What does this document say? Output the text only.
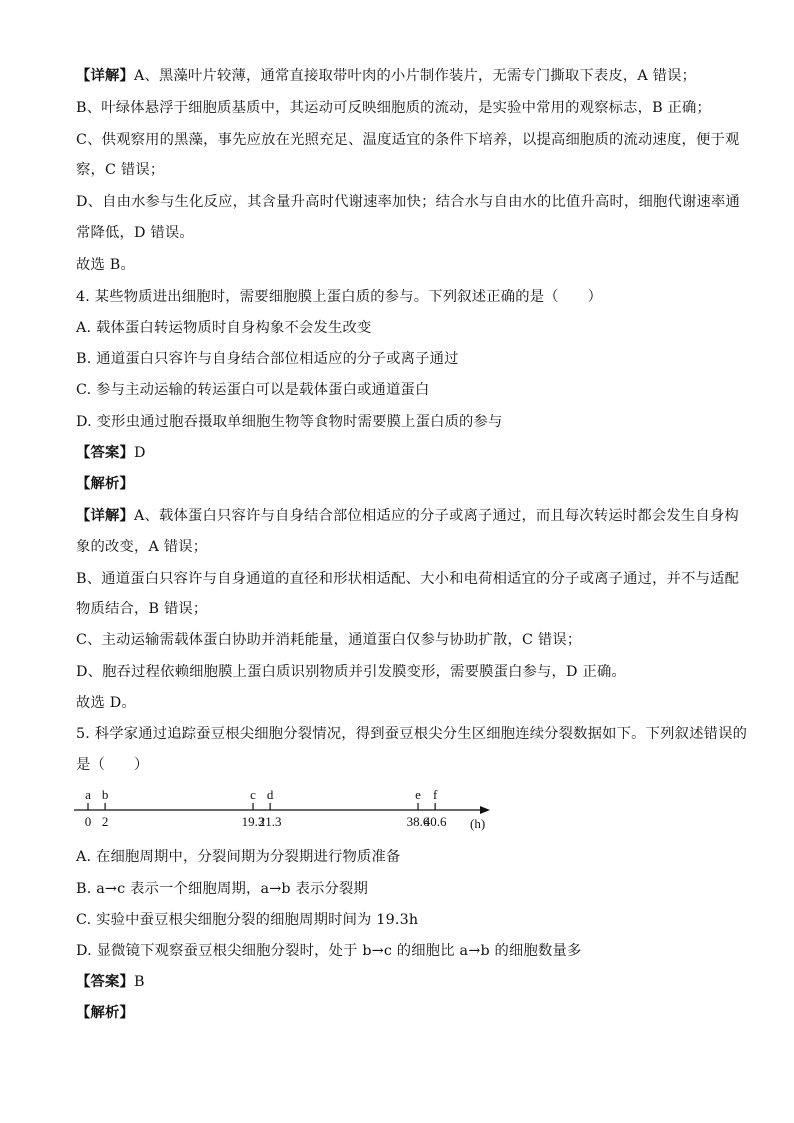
【详解】A、黑藻叶片较薄，通常直接取带叶肉的小片制作装片，无需专门撕取下表皮，A 错误；
B、叶绿体悬浮于细胞质基质中，其运动可反映细胞质的流动，是实验中常用的观察标志，B 正确；
C、供观察用的黑藻，事先应放在光照充足、温度适宜的条件下培养，以提高细胞质的流动速度，便于观
察，C 错误；
D、自由水参与生化反应，其含量升高时代谢速率加快；结合水与自由水的比值升高时，细胞代谢速率通
常降低，D 错误。
故选 B。
4. 某些物质进出细胞时，需要细胞膜上蛋白质的参与。下列叙述正确的是（　　）
A. 载体蛋白转运物质时自身构象不会发生改变
B. 通道蛋白只容许与自身结合部位相适应的分子或离子通过
C. 参与主动运输的转运蛋白可以是载体蛋白或通道蛋白
D. 变形虫通过胞吞摄取单细胞生物等食物时需要膜上蛋白质的参与
【答案】D
【解析】
【详解】A、载体蛋白只容许与自身结合部位相适应的分子或离子通过，而且每次转运时都会发生自身构
象的改变，A 错误；
B、通道蛋白只容许与自身通道的直径和形状相适配、大小和电荷相适宜的分子或离子通过，并不与适配
物质结合，B 错误；
C、主动运输需载体蛋白协助并消耗能量，通道蛋白仅参与协助扩散，C 错误；
D、胞吞过程依赖细胞膜上蛋白质识别物质并引发膜变形，需要膜蛋白参与，D 正确。
故选 D。
5. 科学家通过追踪蚕豆根尖细胞分裂情况，得到蚕豆根尖分生区细胞连续分裂数据如下。下列叙述错误的
是（　　）
a
0
b
2
c
19.3
d
21.3
e
38.6
f
40.6 (h)
A. 在细胞周期中，分裂间期为分裂期进行物质准备
B. a→c 表示一个细胞周期，a→b 表示分裂期
C. 实验中蚕豆根尖细胞分裂的细胞周期时间为 19.3h
D. 显微镜下观察蚕豆根尖细胞分裂时，处于 b→c 的细胞比 a→b 的细胞数量多
【答案】B
【解析】
